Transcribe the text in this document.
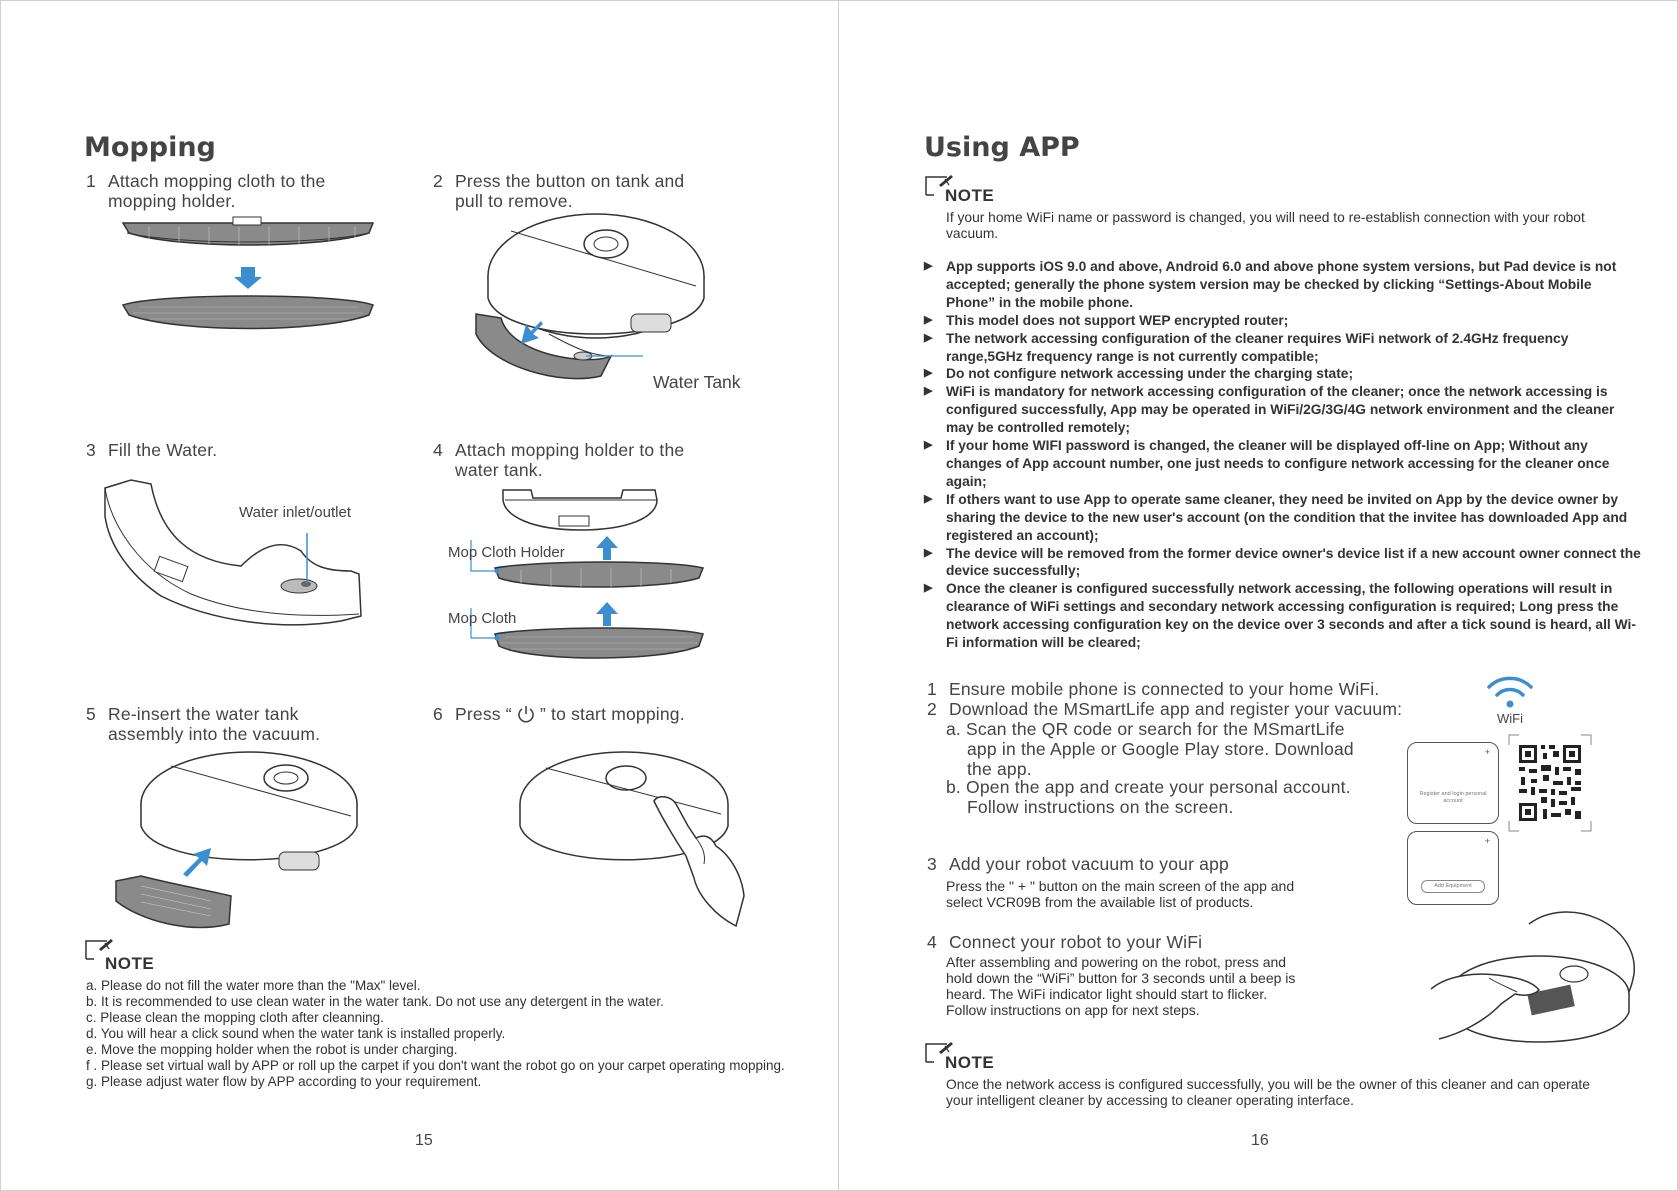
Mopping
1 Attach mopping cloth to the
mopping holder.
2 Press the button on tank and
pull to remove.
Water Tank
3 Fill the Water.
Water inlet/outlet
4 Attach mopping holder to the
water tank.
Mop Cloth Holder
Mop Cloth
5 Re-insert the water tank
assembly into the vacuum.
6 Press “ ” to start mopping.
NOTE
a. Please do not fill the water more than the "Max" level.
b. It is recommended to use clean water in the water tank. Do not use any detergent in the water.
c. Please clean the mopping cloth after cleanning.
d. You will hear a click sound when the water tank is installed properly.
e. Move the mopping holder when the robot is under charging.
f . Please set virtual wall by APP or roll up the carpet if you don't want the robot go on your carpet operating mopping.
g. Please adjust water flow by APP according to your requirement.
15
Using APP
NOTE
If your home WiFi name or password is changed, you will need to re-establish connection with your robot vacuum.
▶ App supports iOS 9.0 and above, Android 6.0 and above phone system versions, but Pad device is not accepted; generally the phone system version may be checked by clicking “Settings-About Mobile Phone” in the mobile phone.
▶ This model does not support WEP encrypted router;
▶ The network accessing configuration of the cleaner requires WiFi network of 2.4GHz frequency range,5GHz frequency range is not currently compatible;
▶ Do not configure network accessing under the charging state;
▶ WiFi is mandatory for network accessing configuration of the cleaner; once the network accessing is configured successfully, App may be operated in WiFi/2G/3G/4G network environment and the cleaner may be controlled remotely;
▶ If your home WIFI password is changed, the cleaner will be displayed off-line on App; Without any changes of App account number, one just needs to configure network accessing for the cleaner once again;
▶ If others want to use App to operate same cleaner, they need be invited on App by the device owner by sharing the device to the new user's account (on the condition that the invitee has downloaded App and registered an account);
▶ The device will be removed from the former device owner's device list if a new account owner connect the device successfully;
▶ Once the cleaner is configured successfully network accessing, the following operations will result in clearance of WiFi settings and secondary network accessing configuration is required; Long press the network accessing configuration key on the device over 3 seconds and after a tick sound is heard, all Wi-Fi information will be cleared;
1 Ensure mobile phone is connected to your home WiFi.
2 Download the MSmartLife app and register your vacuum:
a. Scan the QR code or search for the MSmartLife
app in the Apple or Google Play store. Download
the app.
b. Open the app and create your personal account.
Follow instructions on the screen.
WiFi
+
Register and login personal account
3 Add your robot vacuum to your app
Press the " + " button on the main screen of the app and
select VCR09B from the available list of products.
+
Add Equipment
4 Connect your robot to your WiFi
After assembling and powering on the robot, press and
hold down the “WiFi” button for 3 seconds until a beep is
heard. The WiFi indicator light should start to flicker.
Follow instructions on app for next steps.
NOTE
Once the network access is configured successfully, you will be the owner of this cleaner and can operate your intelligent cleaner by accessing to cleaner operating interface.
16
